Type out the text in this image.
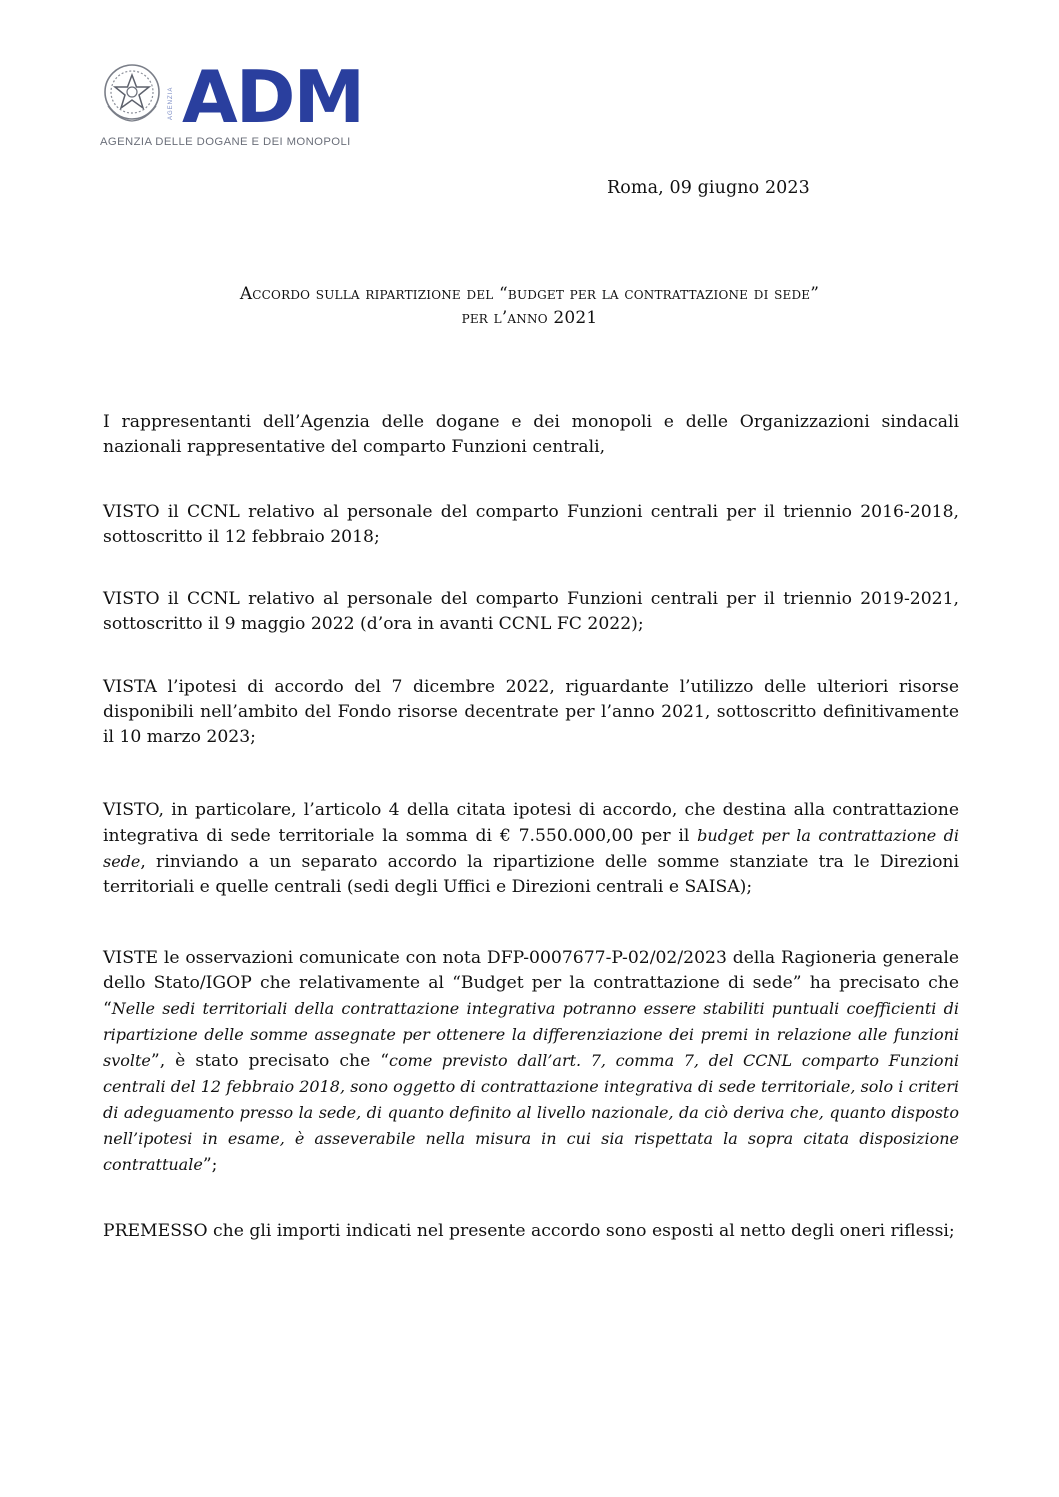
AGENZIA ADM
AGENZIA DELLE DOGANE E DEI MONOPOLI
Roma, 09 giugno 2023
Accordo sulla ripartizione del “budget per la contrattazione di sede”
per l’anno 2021
I rappresentanti dell’Agenzia delle dogane e dei monopoli e delle Organizzazioni sindacali nazionali rappresentative del comparto Funzioni centrali,
VISTO il CCNL relativo al personale del comparto Funzioni centrali per il triennio 2016-2018, sottoscritto il 12 febbraio 2018;
VISTO il CCNL relativo al personale del comparto Funzioni centrali per il triennio 2019-2021, sottoscritto il 9 maggio 2022 (d’ora in avanti CCNL FC 2022);
VISTA l’ipotesi di accordo del 7 dicembre 2022, riguardante l’utilizzo delle ulteriori risorse disponibili nell’ambito del Fondo risorse decentrate per l’anno 2021, sottoscritto definitivamente il 10 marzo 2023;
VISTO, in particolare, l’articolo 4 della citata ipotesi di accordo, che destina alla contrattazione integrativa di sede territoriale la somma di € 7.550.000,00 per il budget per la contrattazione di sede, rinviando a un separato accordo la ripartizione delle somme stanziate tra le Direzioni territoriali e quelle centrali (sedi degli Uffici e Direzioni centrali e SAISA);
VISTE le osservazioni comunicate con nota DFP-0007677-P-02/02/2023 della Ragioneria generale dello Stato/IGOP che relativamente al “Budget per la contrattazione di sede” ha precisato che “Nelle sedi territoriali della contrattazione integrativa potranno essere stabiliti puntuali coefficienti di ripartizione delle somme assegnate per ottenere la differenziazione dei premi in relazione alle funzioni svolte”, è stato precisato che “come previsto dall’art. 7, comma 7, del CCNL comparto Funzioni centrali del 12 febbraio 2018, sono oggetto di contrattazione integrativa di sede territoriale, solo i criteri di adeguamento presso la sede, di quanto definito al livello nazionale, da ciò deriva che, quanto disposto nell’ipotesi in esame, è asseverabile nella misura in cui sia rispettata la sopra citata disposizione contrattuale”;
PREMESSO che gli importi indicati nel presente accordo sono esposti al netto degli oneri riflessi;
